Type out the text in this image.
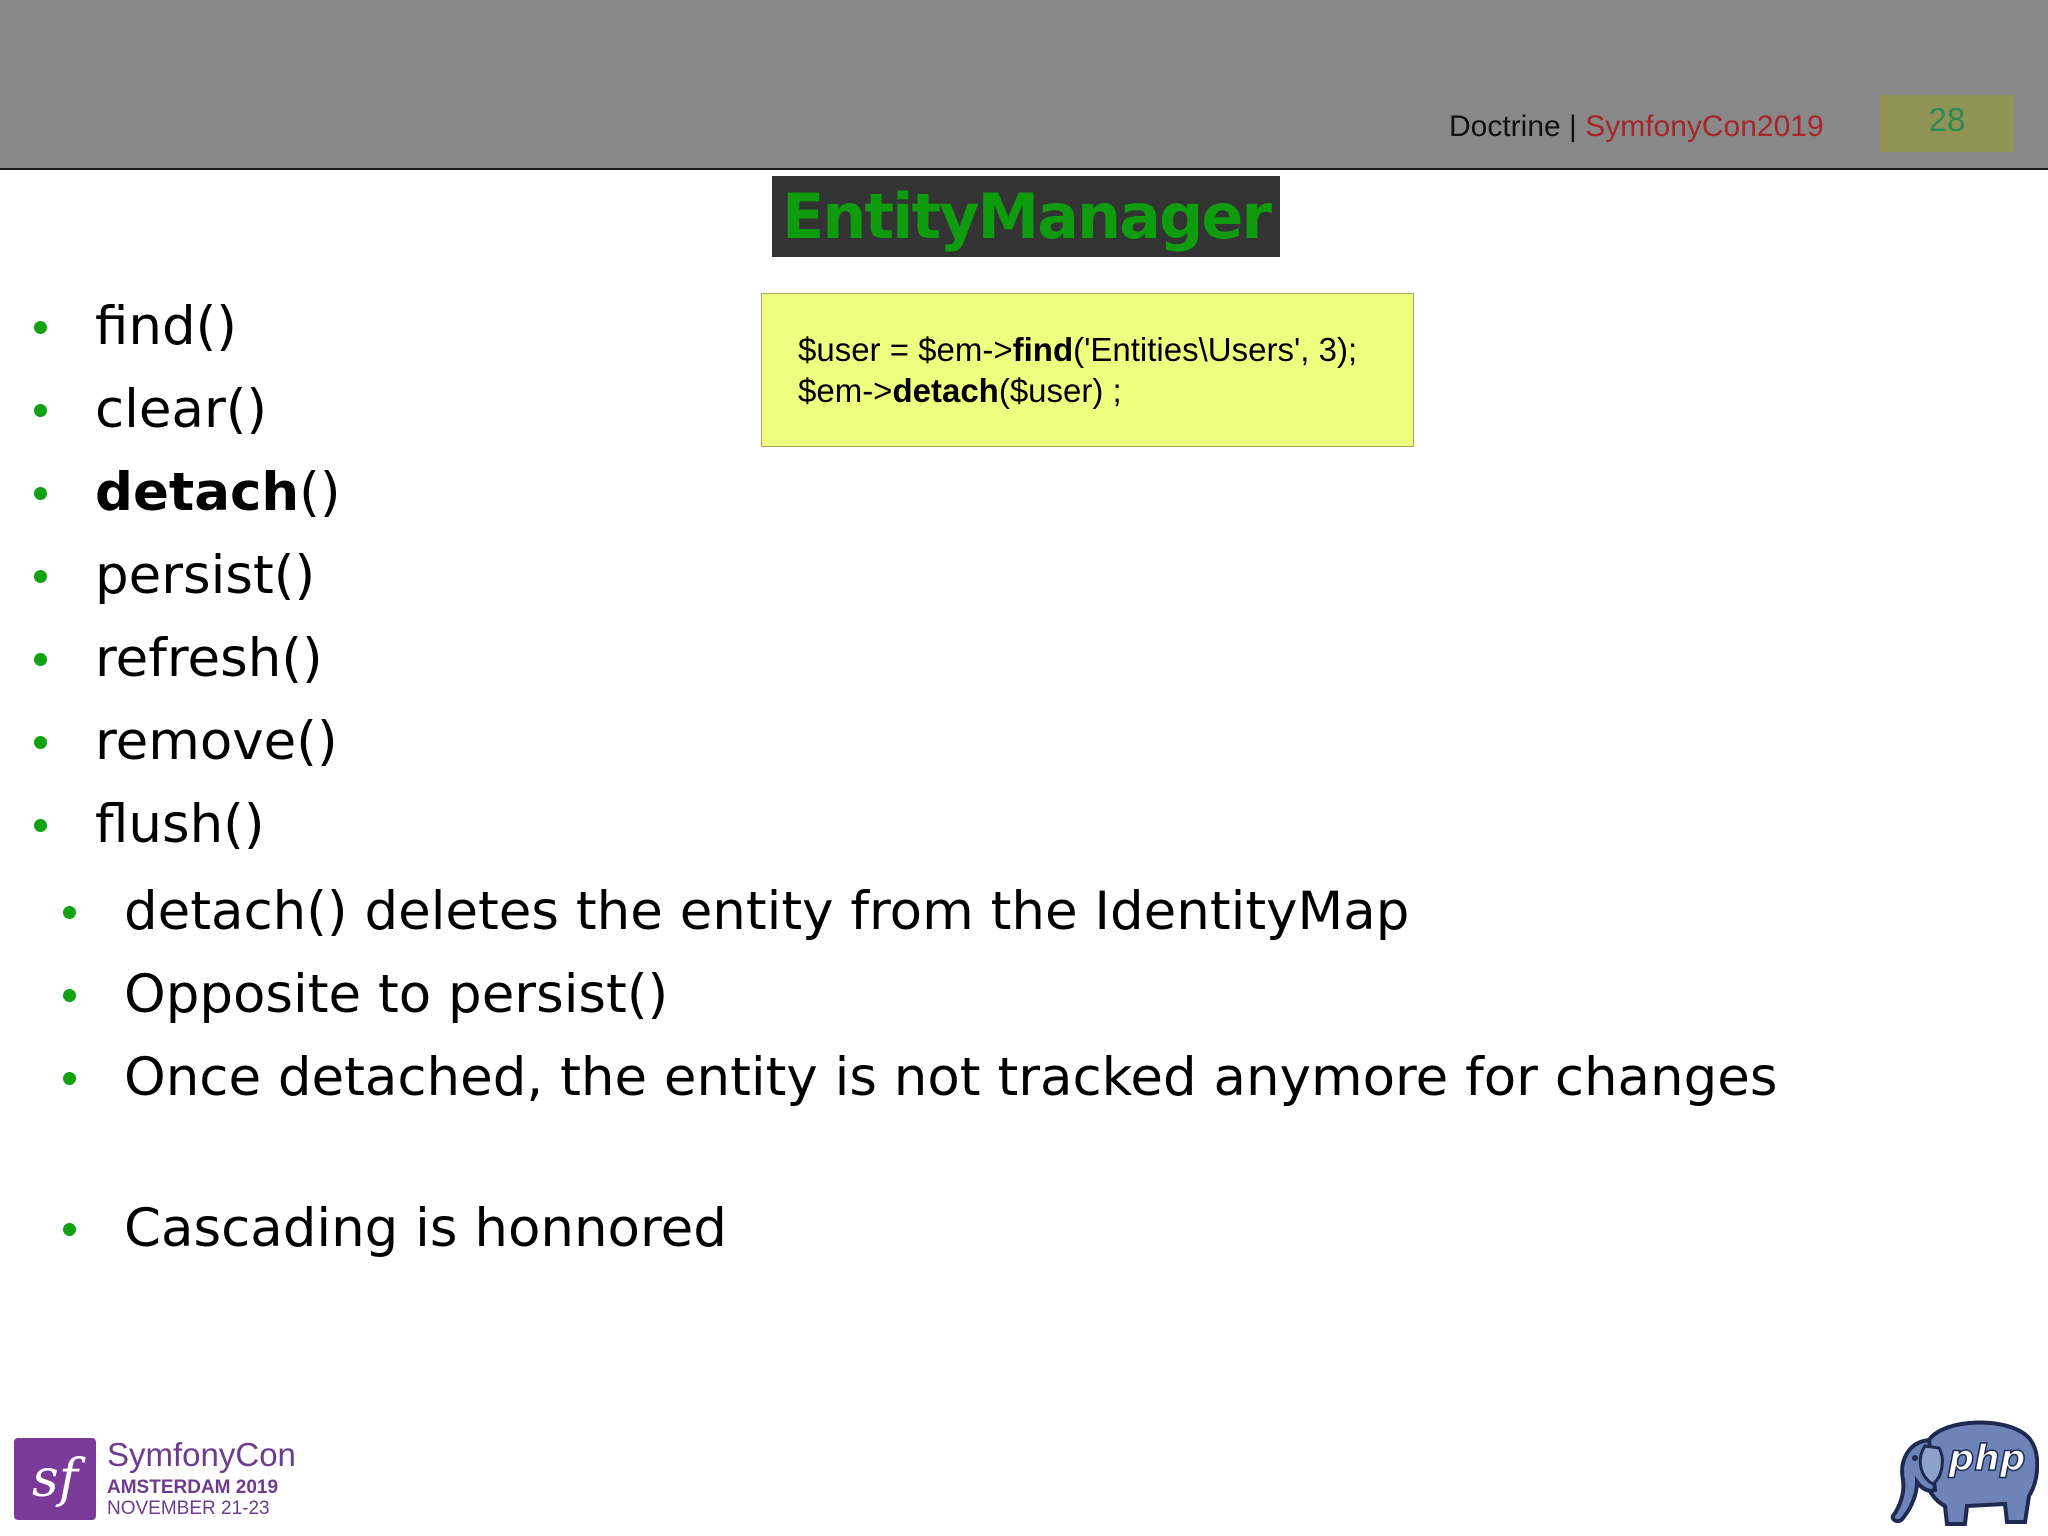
Doctrine | SymfonyCon2019	28
EntityManager
$user = $em->find('Entities\Users', 3);
$em->detach($user) ;
find()
clear()
detach()
persist()
refresh()
remove()
flush()
detach() deletes the entity from the IdentityMap
Opposite to persist()
Once detached, the entity is not tracked anymore for changes
Cascading is honnored
sf SymfonyCon
AMSTERDAM 2019
NOVEMBER 21-23
php
